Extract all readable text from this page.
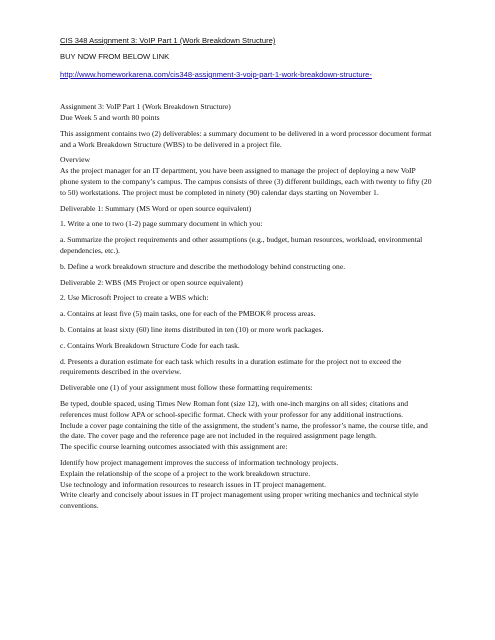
CIS 348 Assignment 3: VoIP Part 1 (Work Breakdown Structure)

BUY NOW FROM BELOW LINK

http://www.homeworkarena.com/cis348-assignment-3-voip-part-1-work-breakdown-structure-

Assignment 3: VoIP Part 1 (Work Breakdown Structure)

Due Week 5 and worth 80 points

This assignment contains two (2) deliverables: a summary document to be delivered in a word processor document format

and a Work Breakdown Structure (WBS) to be delivered in a project file.

Overview

As the project manager for an IT department, you have been assigned to manage the project of deploying a new VoIP

phone system to the company’s campus. The campus consists of three (3) different buildings, each with twenty to fifty (20

to 50) workstations. The project must be completed in ninety (90) calendar days starting on November 1.

Deliverable 1: Summary (MS Word or open source equivalent)

1. Write a one to two (1-2) page summary document in which you:

a. Summarize the project requirements and other assumptions (e.g., budget, human resources, workload, environmental

dependencies, etc.).

b. Define a work breakdown structure and describe the methodology behind constructing one.

Deliverable 2: WBS (MS Project or open source equivalent)

2. Use Microsoft Project to create a WBS which:

a. Contains at least five (5) main tasks, one for each of the PMBOK® process areas.

b. Contains at least sixty (60) line items distributed in ten (10) or more work packages.

c. Contains Work Breakdown Structure Code for each task.

d. Presents a duration estimate for each task which results in a duration estimate for the project not to exceed the

requirements described in the overview.

Deliverable one (1) of your assignment must follow these formatting requirements:

Be typed, double spaced, using Times New Roman font (size 12), with one-inch margins on all sides; citations and

references must follow APA or school-specific format. Check with your professor for any additional instructions.

Include a cover page containing the title of the assignment, the student’s name, the professor’s name, the course title, and

the date. The cover page and the reference page are not included in the required assignment page length.

The specific course learning outcomes associated with this assignment are:

Identify how project management improves the success of information technology projects.

Explain the relationship of the scope of a project to the work breakdown structure.

Use technology and information resources to research issues in IT project management.

Write clearly and concisely about issues in IT project management using proper writing mechanics and technical style

conventions.
